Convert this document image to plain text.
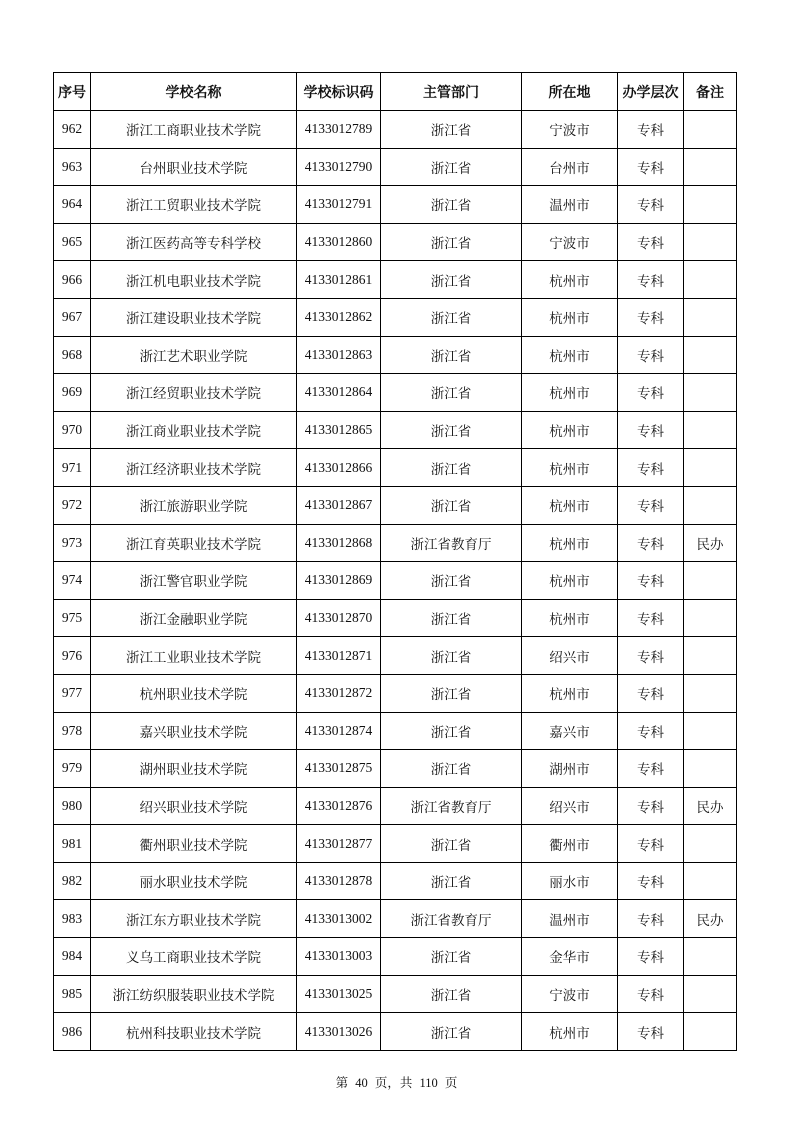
序号	学校名称	学校标识码	主管部门	所在地	办学层次	备注
962	浙江工商职业技术学院	4133012789	浙江省	宁波市	专科	
963	台州职业技术学院	4133012790	浙江省	台州市	专科	
964	浙江工贸职业技术学院	4133012791	浙江省	温州市	专科	
965	浙江医药高等专科学校	4133012860	浙江省	宁波市	专科	
966	浙江机电职业技术学院	4133012861	浙江省	杭州市	专科	
967	浙江建设职业技术学院	4133012862	浙江省	杭州市	专科	
968	浙江艺术职业学院	4133012863	浙江省	杭州市	专科	
969	浙江经贸职业技术学院	4133012864	浙江省	杭州市	专科	
970	浙江商业职业技术学院	4133012865	浙江省	杭州市	专科	
971	浙江经济职业技术学院	4133012866	浙江省	杭州市	专科	
972	浙江旅游职业学院	4133012867	浙江省	杭州市	专科	
973	浙江育英职业技术学院	4133012868	浙江省教育厅	杭州市	专科	民办
974	浙江警官职业学院	4133012869	浙江省	杭州市	专科	
975	浙江金融职业学院	4133012870	浙江省	杭州市	专科	
976	浙江工业职业技术学院	4133012871	浙江省	绍兴市	专科	
977	杭州职业技术学院	4133012872	浙江省	杭州市	专科	
978	嘉兴职业技术学院	4133012874	浙江省	嘉兴市	专科	
979	湖州职业技术学院	4133012875	浙江省	湖州市	专科	
980	绍兴职业技术学院	4133012876	浙江省教育厅	绍兴市	专科	民办
981	衢州职业技术学院	4133012877	浙江省	衢州市	专科	
982	丽水职业技术学院	4133012878	浙江省	丽水市	专科	
983	浙江东方职业技术学院	4133013002	浙江省教育厅	温州市	专科	民办
984	义乌工商职业技术学院	4133013003	浙江省	金华市	专科	
985	浙江纺织服装职业技术学院	4133013025	浙江省	宁波市	专科	
986	杭州科技职业技术学院	4133013026	浙江省	杭州市	专科	
第 40 页，共 110 页
